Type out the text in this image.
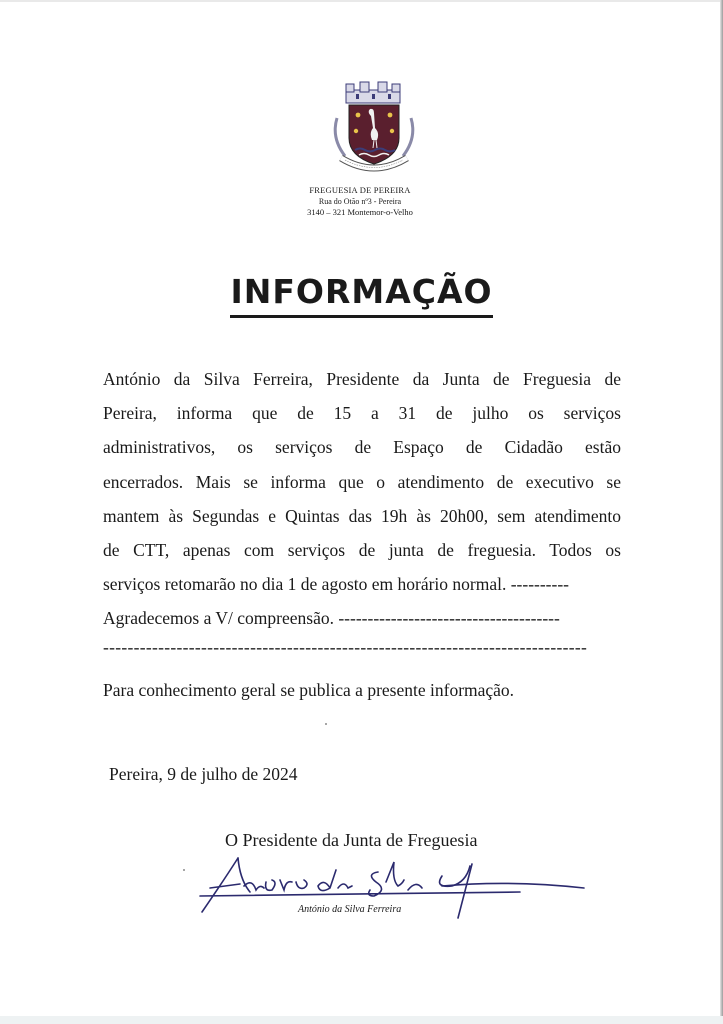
FREGUESIA DE PEREIRA
Rua do Otão nº3 - Pereira
3140 – 321 Montemor-o-Velho
INFORMAÇÃO

António da Silva Ferreira, Presidente da Junta de Freguesia de

Pereira, informa que de 15 a 31 de julho os serviços

administrativos, os serviços de Espaço de Cidadão estão

encerrados. Mais se informa que o atendimento de executivo se

mantem às Segundas e Quintas das 19h às 20h00, sem atendimento

de CTT, apenas com serviços de junta de freguesia. Todos os

serviços retomarão no dia 1 de agosto em horário normal. ----------

Agradecemos a V/ compreensão. --------------------------------------

-------------------------------------------------------------------------------

Para conhecimento geral se publica a presente informação.
Pereira, 9 de julho de 2024
O Presidente da Junta de Freguesia
António da Silva
António da Silva Ferreira
